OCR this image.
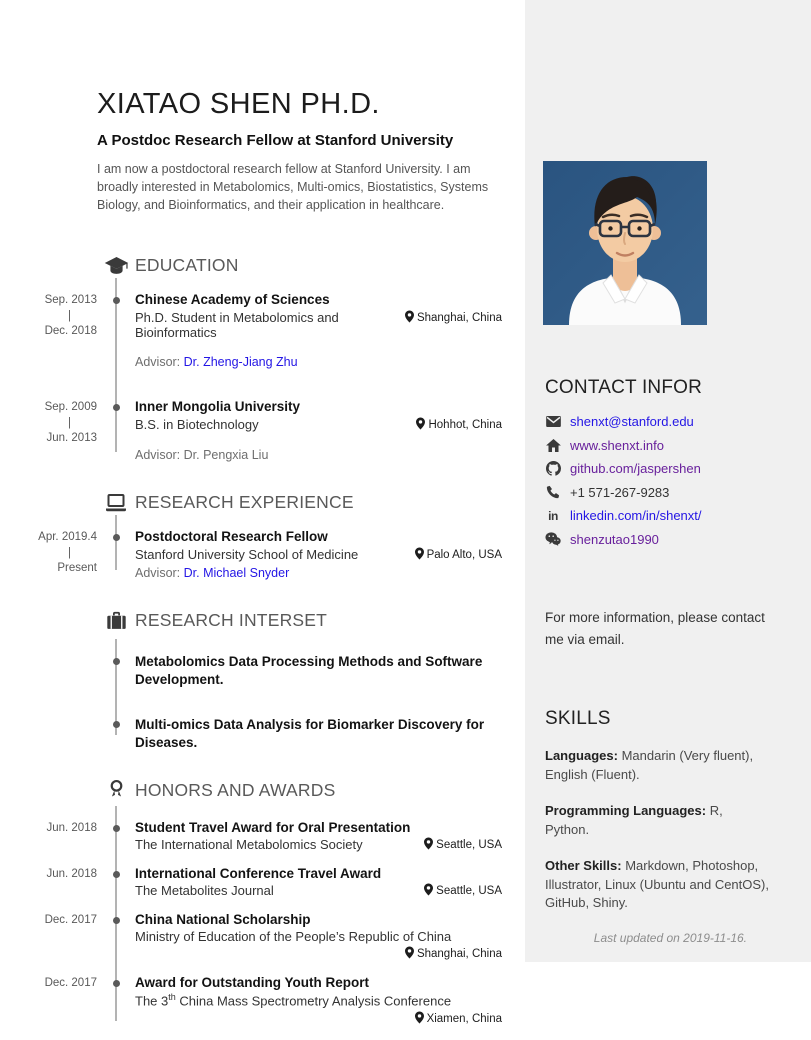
XIATAO SHEN PH.D.
A Postdoc Research Fellow at Stanford University
I am now a postdoctoral research fellow at Stanford University. I am broadly interested in Metabolomics, Multi-omics, Biostatistics, Systems Biology, and Bioinformatics, and their application in healthcare.
EDUCATION
Sep. 2013
|
Dec. 2018
Chinese Academy of Sciences
Ph.D. Student in Metabolomics and Bioinformatics
Shanghai, China
Advisor: Dr. Zheng-Jiang Zhu
Sep. 2009
|
Jun. 2013
Inner Mongolia University
B.S. in Biotechnology	Hohhot, China
Advisor: Dr. Pengxia Liu
RESEARCH EXPERIENCE
Apr. 2019.4
|
Present
Postdoctoral Research Fellow
Stanford University School of Medicine	Palo Alto, USA
Advisor: Dr. Michael Snyder
RESEARCH INTERSET
Metabolomics Data Processing Methods and Software Development.
Multi-omics Data Analysis for Biomarker Discovery for Diseases.
HONORS AND AWARDS
Jun. 2018	Student Travel Award for Oral Presentation
The International Metabolomics Society	Seattle, USA
Jun. 2018	International Conference Travel Award
The Metabolites Journal	Seattle, USA
Dec. 2017	China National Scholarship
Ministry of Education of the People’s Republic of China
Shanghai, China
Dec. 2017	Award for Outstanding Youth Report
The 3th China Mass Spectrometry Analysis Conference
Xiamen, China
CONTACT INFOR
shenxt@stanford.edu
www.shenxt.info
github.com/jaspershen
+1 571-267-9283
in linkedin.com/in/shenxt/
shenzutao1990
For more information, please contact me via email.
SKILLS
Languages: Mandarin (Very fluent), English (Fluent).
Programming Languages: R, Python.
Other Skills: Markdown, Photoshop, Illustrator, Linux (Ubuntu and CentOS), GitHub, Shiny.
Last updated on 2019-11-16.
